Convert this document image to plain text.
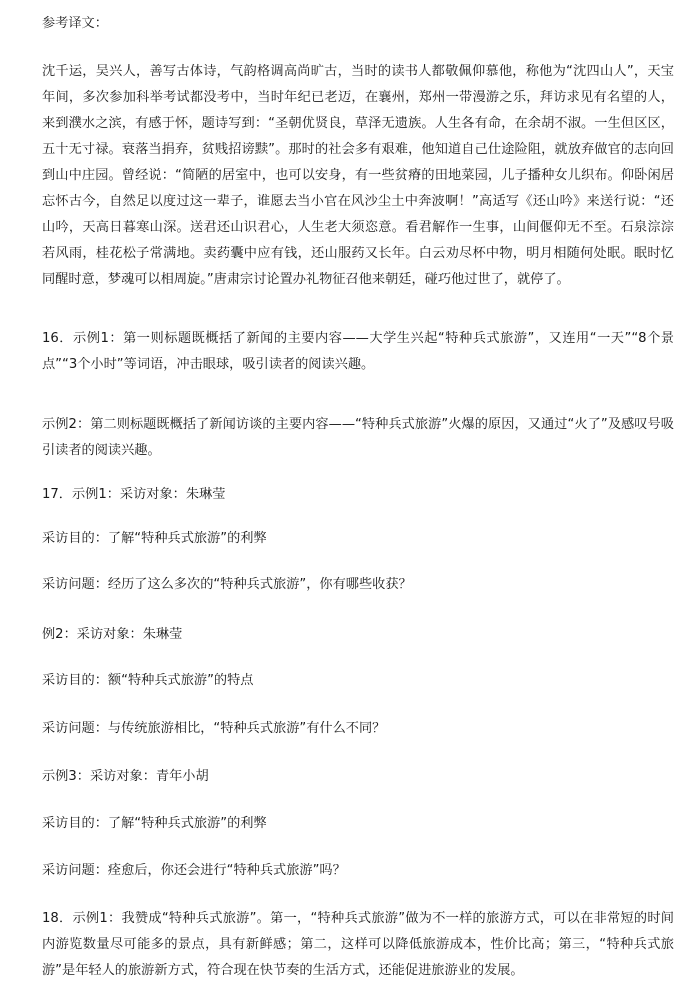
参考译文：
沈千运，吴兴人，善写古体诗，气韵格调高尚旷古，当时的读书人都敬佩仰慕他，称他为“沈四山人”，天宝年间，多次参加科举考试都没考中，当时年纪已老迈，在襄州，郑州一带漫游之乐，拜访求见有名望的人，来到濮水之滨，有感于怀，题诗写到：“圣朝优贤良，草泽无遗族。人生各有命，在余胡不淑。一生但区区，五十无寸禄。衰落当捐弃，贫贱招谤黩”。那时的社会多有艰难，他知道自己仕途险阻，就放弃做官的志向回到山中庄园。曾经说：“简陋的居室中，也可以安身，有一些贫瘠的田地菜园，儿子播种女儿织布。仰卧闲居忘怀古今，自然足以度过这一辈子，谁愿去当小官在风沙尘土中奔波啊！”高适写《还山吟》来送行说：“还山吟，天高日暮寒山深。送君还山识君心，人生老大须恣意。看君解作一生事，山间偃仰无不至。石泉淙淙若风雨，桂花松子常满地。卖药囊中应有钱，还山服药又长年。白云劝尽杯中物，明月相随何处眠。眠时忆同醒时意，梦魂可以相周旋。”唐肃宗讨论置办礼物征召他来朝廷，碰巧他过世了，就停了。
16．示例1：第一则标题既概括了新闻的主要内容——大学生兴起“特种兵式旅游”，又连用“一天”“8个景点”“3个小时”等词语，冲击眼球，吸引读者的阅读兴趣。
示例2：第二则标题既概括了新闻访谈的主要内容——“特种兵式旅游”火爆的原因，又通过“火了”及感叹号吸引读者的阅读兴趣。
17．示例1：采访对象：朱琳莹
采访目的：了解“特种兵式旅游”的利弊
采访问题：经历了这么多次的“特种兵式旅游”，你有哪些收获？
例2：采访对象：朱琳莹
采访目的：额“特种兵式旅游”的特点
采访问题：与传统旅游相比，“特种兵式旅游”有什么不同？
示例3：采访对象：青年小胡
采访目的：了解“特种兵式旅游”的利弊
采访问题：痊愈后，你还会进行“特种兵式旅游”吗？
18．示例1：我赞成“特种兵式旅游”。第一，“特种兵式旅游”做为不一样的旅游方式，可以在非常短的时间内游览数量尽可能多的景点，具有新鲜感；第二，这样可以降低旅游成本，性价比高；第三，“特种兵式旅游”是年轻人的旅游新方式，符合现在快节奏的生活方式，还能促进旅游业的发展。
